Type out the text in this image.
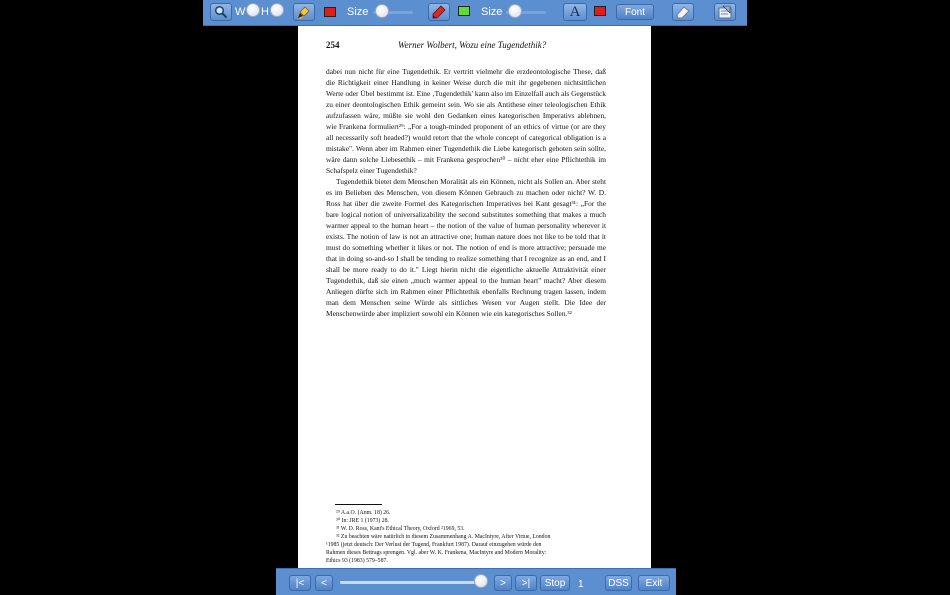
W H	Size	Size	A	Font
254	Werner Wolbert, Wozu eine Tugendethik?

dabei nun nicht für eine Tugendethik. Er vertritt vielmehr die erzdeontologische These, daß die Richtigkeit einer Handlung in keiner Weise durch die mit ihr gegebenen nichtsittlichen Werte oder Übel bestimmt ist. Eine ‚Tugendethik' kann also im Einzelfall auch als Gegenstück zu einer deontologischen Ethik gemeint sein. Wo sie als Antithese einer teleologischen Ethik aufzufassen wäre, müßte sie wohl den Gedanken eines kategorischen Imperativs ablehnen, wie Frankena formuliert²⁹: „For a tough-minded proponent of an ethics of virtue (or are they all necessarily soft headed?) would retort that the whole concept of categorical obligation is a mistake". Wenn aber im Rahmen einer Tugendethik die Liebe kategorisch geboten sein sollte, wäre dann solche Liebesethik – mit Frankena gesprochen³⁰ – nicht eher eine Pflichtethik im Schafspelz einer Tugendethik?

Tugendethik bietet dem Menschen Moralität als ein Können, nicht als Sollen an. Aber steht es im Belieben des Menschen, von diesem Können Gebrauch zu machen oder nicht? W. D. Ross hat über die zweite Formel des Kategorischen Imperatives bei Kant gesagt³¹: „For the bare logical notion of universalizability the second substitutes something that makes a much warmer appeal to the human heart – the notion of the value of human personality wherever it exists. The notion of law is not an attractive one; human nature does not like to be told that it must do something whether it likes or not. The notion of end is more attractive; persuade me that in doing so-and-so I shall be tending to realize something that I recognize as an end, and I shall be more ready to do it." Liegt hierin nicht die eigentliche aktuelle Attraktivität einer Tugendethik, daß sie einen „much warmer appeal to the human heart" macht? Aber diesem Anliegen dürfte sich im Rahmen einer Pflichtethik ebenfalls Rechnung tragen lassen, indem man dem Menschen seine Würde als sittliches Wesen vor Augen stellt. Die Idee der Menschenwürde aber impliziert sowohl ein Können wie ein kategorisches Sollen.³²

²⁹ A.a.O. (Anm. 18) 26.
³⁰ In: JRE 1 (1973) 28.
³¹ W. D. Ross, Kant's Ethical Theory, Oxford ²1969, 53.
³² Zu beachten wäre natürlich in diesem Zusammenhang A. MacIntyre, After Virtue, London
¹1985 (jetzt deutsch: Der Verlust der Tugend, Frankfurt 1987). Darauf einzugehen würde den
Rahmen dieses Beitrags sprengen. Vgl. aber W. K. Frankena, MacIntyre and Modern Morality:
Ethics 93 (1983) 579–587.
|<	<	>	>|	Stop
1	DSS	Exit
